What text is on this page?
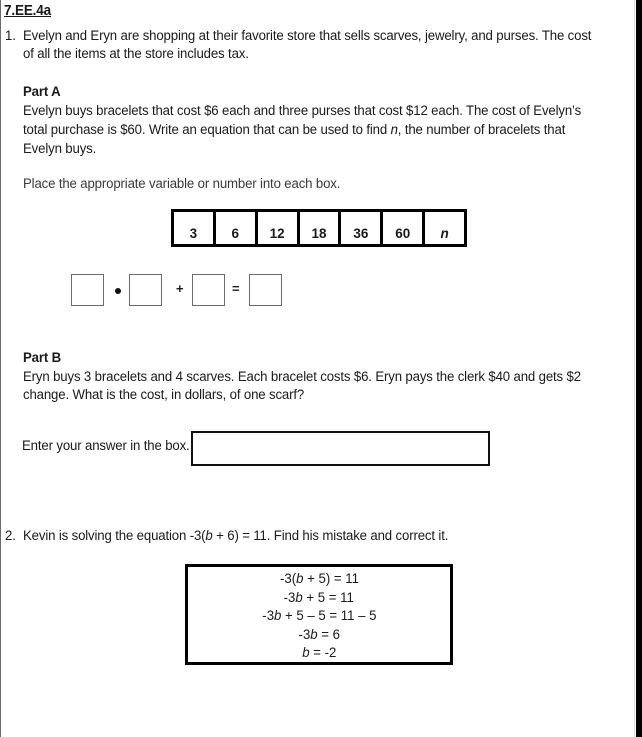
7.EE.4a
1. Evelyn and Eryn are shopping at their favorite store that sells scarves, jewelry, and purses. The cost
of all the items at the store includes tax.
Part A
Evelyn buys bracelets that cost $6 each and three purses that cost $12 each. The cost of Evelyn’s
total purchase is $60. Write an equation that can be used to find n, the number of bracelets that
Evelyn buys.
Place the appropriate variable or number into each box.
3	6	12	18	36	60	n
+	=
Part B
Eryn buys 3 bracelets and 4 scarves. Each bracelet costs $6. Eryn pays the clerk $40 and gets $2
change. What is the cost, in dollars, of one scarf?
Enter your answer in the box.
2. Kevin is solving the equation -3(b + 6) = 11. Find his mistake and correct it.
-3(b + 5) = 11
-3b + 5 = 11
-3b + 5 – 5 = 11 – 5
-3b = 6
b = -2
